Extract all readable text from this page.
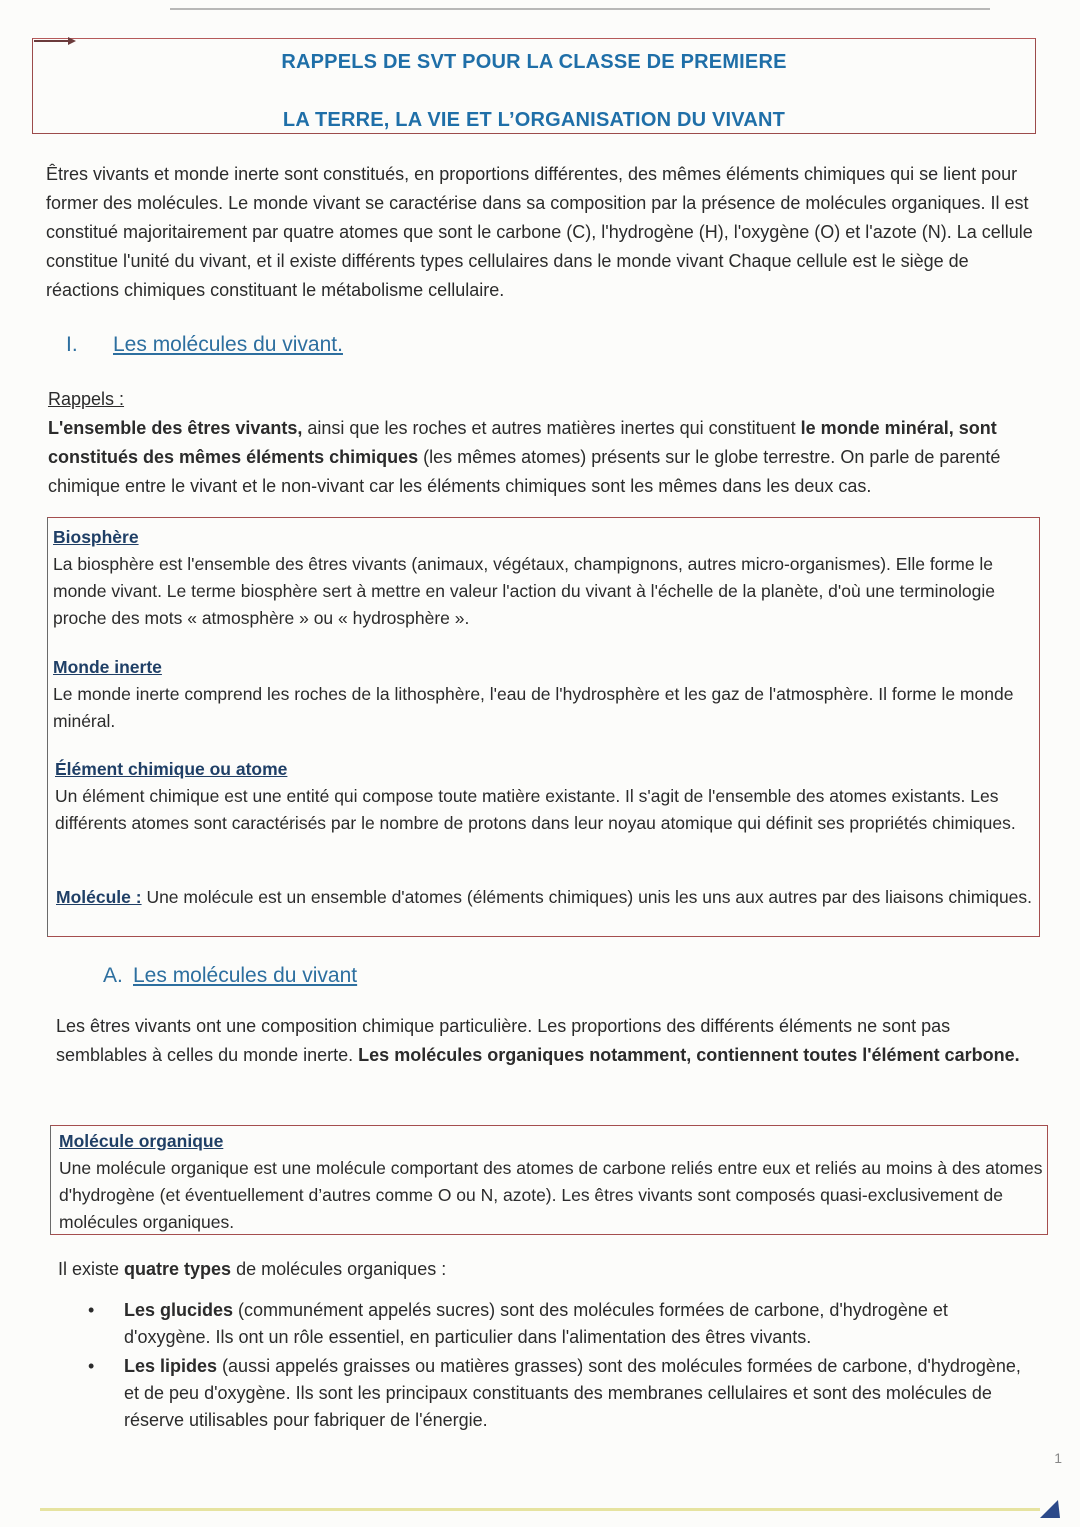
RAPPELS DE SVT POUR LA CLASSE DE PREMIERE
LA TERRE, LA VIE ET L’ORGANISATION DU VIVANT

Êtres vivants et monde inerte sont constitués, en proportions différentes, des mêmes éléments chimiques qui se lient pour former des molécules. Le monde vivant se caractérise dans sa composition par la présence de molécules organiques. Il est constitué majoritairement par quatre atomes que sont le carbone (C), l'hydrogène (H), l'oxygène (O) et l'azote (N). La cellule constitue l'unité du vivant, et il existe différents types cellulaires dans le monde vivant Chaque cellule est le siège de réactions chimiques constituant le métabolisme cellulaire.

I. Les molécules du vivant.

Rappels :
L'ensemble des êtres vivants, ainsi que les roches et autres matières inertes qui constituent le monde minéral, sont constitués des mêmes éléments chimiques (les mêmes atomes) présents sur le globe terrestre. On parle de parenté chimique entre le vivant et le non-vivant car les éléments chimiques sont les mêmes dans les deux cas.

Biosphère
La biosphère est l'ensemble des êtres vivants (animaux, végétaux, champignons, autres micro-organismes). Elle forme le monde vivant. Le terme biosphère sert à mettre en valeur l'action du vivant à l'échelle de la planète, d'où une terminologie proche des mots « atmosphère » ou « hydrosphère ».
Monde inerte
Le monde inerte comprend les roches de la lithosphère, l'eau de l'hydrosphère et les gaz de l'atmosphère. Il forme le monde minéral.
Élément chimique ou atome
Un élément chimique est une entité qui compose toute matière existante. Il s'agit de l'ensemble des atomes existants. Les différents atomes sont caractérisés par le nombre de protons dans leur noyau atomique qui définit ses propriétés chimiques.
Molécule : Une molécule est un ensemble d'atomes (éléments chimiques) unis les uns aux autres par des liaisons chimiques.
A. Les molécules du vivant

Les êtres vivants ont une composition chimique particulière. Les proportions des différents éléments ne sont pas semblables à celles du monde inerte. Les molécules organiques notamment, contiennent toutes l'élément carbone.

Molécule organique
Une molécule organique est une molécule comportant des atomes de carbone reliés entre eux et reliés au moins à des atomes d'hydrogène (et éventuellement d’autres comme O ou N, azote). Les êtres vivants sont composés quasi-exclusivement de molécules organiques.

Il existe quatre types de molécules organiques :

• Les glucides (communément appelés sucres) sont des molécules formées de carbone, d'hydrogène et d'oxygène. Ils ont un rôle essentiel, en particulier dans l'alimentation des êtres vivants.
• Les lipides (aussi appelés graisses ou matières grasses) sont des molécules formées de carbone, d'hydrogène, et de peu d'oxygène. Ils sont les principaux constituants des membranes cellulaires et sont des molécules de réserve utilisables pour fabriquer de l'énergie.
1
